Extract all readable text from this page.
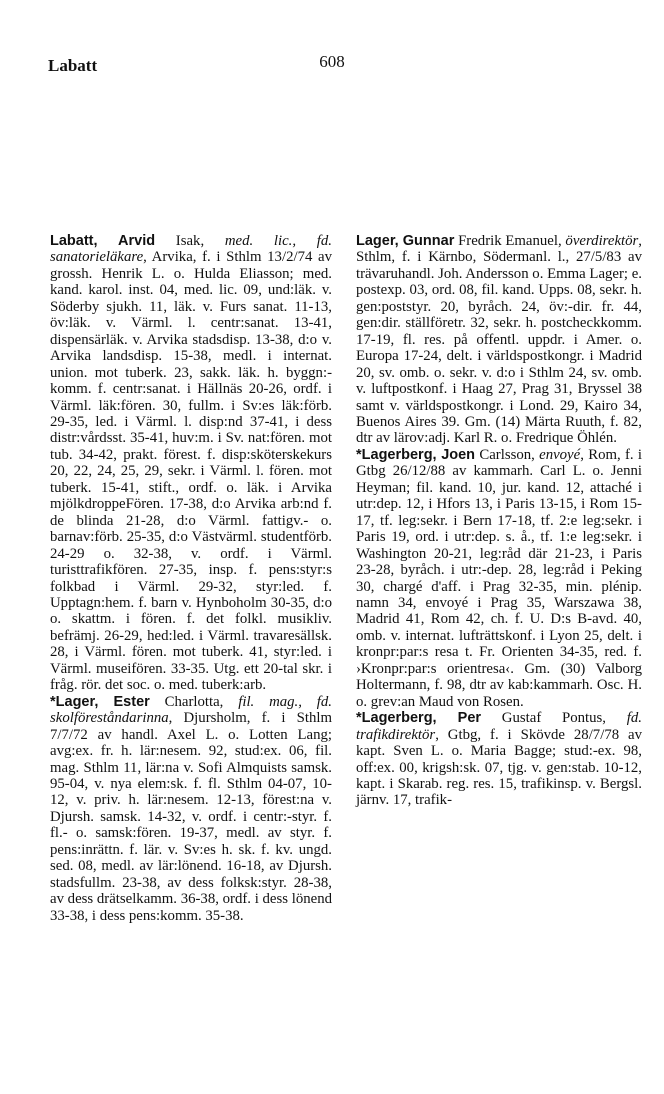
Labatt	608

Labatt, Arvid Isak, med. lic., fd. sanatorieläkare, Arvika, f. i Sthlm 13/2/74 av grossh. Henrik L. o. Hulda Eliasson; med. kand. karol. inst. 04, med. lic. 09, und:läk. v. Söderby sjukh. 11, läk. v. Furs sanat. 11-13, öv:läk. v. Värml. l. centr:sanat. 13-41, dispensärläk. v. Arvika stadsdisp. 13-38, d:o v. Arvika landsdisp. 15-38, medl. i internat. union. mot tuberk. 23, sakk. läk. h. byggn:-komm. f. centr:sanat. i Hällnäs 20-26, ordf. i Värml. läk:fören. 30, fullm. i Sv:es läk:förb. 29-35, led. i Värml. l. disp:nd 37-41, i dess distr:vårdsst. 35-41, huv:m. i Sv. nat:fören. mot tub. 34-42, prakt. förest. f. disp:sköterskekurs 20, 22, 24, 25, 29, sekr. i Värml. l. fören. mot tuberk. 15-41, stift., ordf. o. läk. i Arvika mjölkdroppeFören. 17-38, d:o Arvika arb:nd f. de blinda 21-28, d:o Värml. fattigv.- o. barnav:förb. 25-35, d:o Västvärml. studentförb. 24-29 o. 32-38, v. ordf. i Värml. turisttrafikfören. 27-35, insp. f. pens:styr:s folkbad i Värml. 29-32, styr:led. f. Upptagn:hem. f. barn v. Hynboholm 30-35, d:o o. skattm. i fören. f. det folkl. musikliv. befrämj. 26-29, hed:led. i Värml. travaresällsk. 28, i Värml. fören. mot tuberk. 41, styr:led. i Värml. museifören. 33-35. Utg. ett 20-tal skr. i fråg. rör. det soc. o. med. tuberk:arb.

*Lager, Ester Charlotta, fil. mag., fd. skolföreståndarinna, Djursholm, f. i Sthlm 7/7/72 av handl. Axel L. o. Lotten Lang; avg:ex. fr. h. lär:nesem. 92, stud:ex. 06, fil. mag. Sthlm 11, lär:na v. Sofi Almquists samsk. 95-04, v. nya elem:sk. f. fl. Sthlm 04-07, 10-12, v. priv. h. lär:nesem. 12-13, förest:na v. Djursh. samsk. 14-32, v. ordf. i centr:-styr. f. fl.- o. samsk:fören. 19-37, medl. av styr. f. pens:inrättn. f. lär. v. Sv:es h. sk. f. kv. ungd. sed. 08, medl. av lär:lönend. 16-18, av Djursh. stadsfullm. 23-38, av dess folksk:styr. 28-38, av dess drätselkamm. 36-38, ordf. i dess lönend 33-38, i dess pens:komm. 35-38.

Lager, Gunnar Fredrik Emanuel, överdirektör, Sthlm, f. i Kärnbo, Södermanl. l., 27/5/83 av trävaruhandl. Joh. Andersson o. Emma Lager; e. postexp. 03, ord. 08, fil. kand. Upps. 08, sekr. h. gen:poststyr. 20, byråch. 24, öv:-dir. fr. 44, gen:dir. ställföretr. 32, sekr. h. postcheckkomm. 17-19, fl. res. på offentl. uppdr. i Amer. o. Europa 17-24, delt. i världspostkongr. i Madrid 20, sv. omb. o. sekr. v. d:o i Sthlm 24, sv. omb. v. luftpostkonf. i Haag 27, Prag 31, Bryssel 38 samt v. världspostkongr. i Lond. 29, Kairo 34, Buenos Aires 39. Gm. (14) Märta Ruuth, f. 82, dtr av lärov:adj. Karl R. o. Fredrique Öhlén.

*Lagerberg, Joen Carlsson, envoyé, Rom, f. i Gtbg 26/12/88 av kammarh. Carl L. o. Jenni Heyman; fil. kand. 10, jur. kand. 12, attaché i utr:dep. 12, i Hfors 13, i Paris 13-15, i Rom 15-17, tf. leg:sekr. i Bern 17-18, tf. 2:e leg:sekr. i Paris 19, ord. i utr:dep. s. å., tf. 1:e leg:sekr. i Washington 20-21, leg:råd där 21-23, i Paris 23-28, byråch. i utr:-dep. 28, leg:råd i Peking 30, chargé d'aff. i Prag 32-35, min. plénip. namn 34, envoyé i Prag 35, Warszawa 38, Madrid 41, Rom 42, ch. f. U. D:s B-avd. 40, omb. v. internat. lufträttskonf. i Lyon 25, delt. i kronpr:par:s resa t. Fr. Orienten 34-35, red. f. ›Kronpr:par:s orientresa‹. Gm. (30) Valborg Holtermann, f. 98, dtr av kab:kammarh. Osc. H. o. grev:an Maud von Rosen.

*Lagerberg, Per Gustaf Pontus, fd. trafikdirektör, Gtbg, f. i Skövde 28/7/78 av kapt. Sven L. o. Maria Bagge; stud:-ex. 98, off:ex. 00, krigsh:sk. 07, tjg. v. gen:stab. 10-12, kapt. i Skarab. reg. res. 15, trafikinsp. v. Bergsl. järnv. 17, trafik-
